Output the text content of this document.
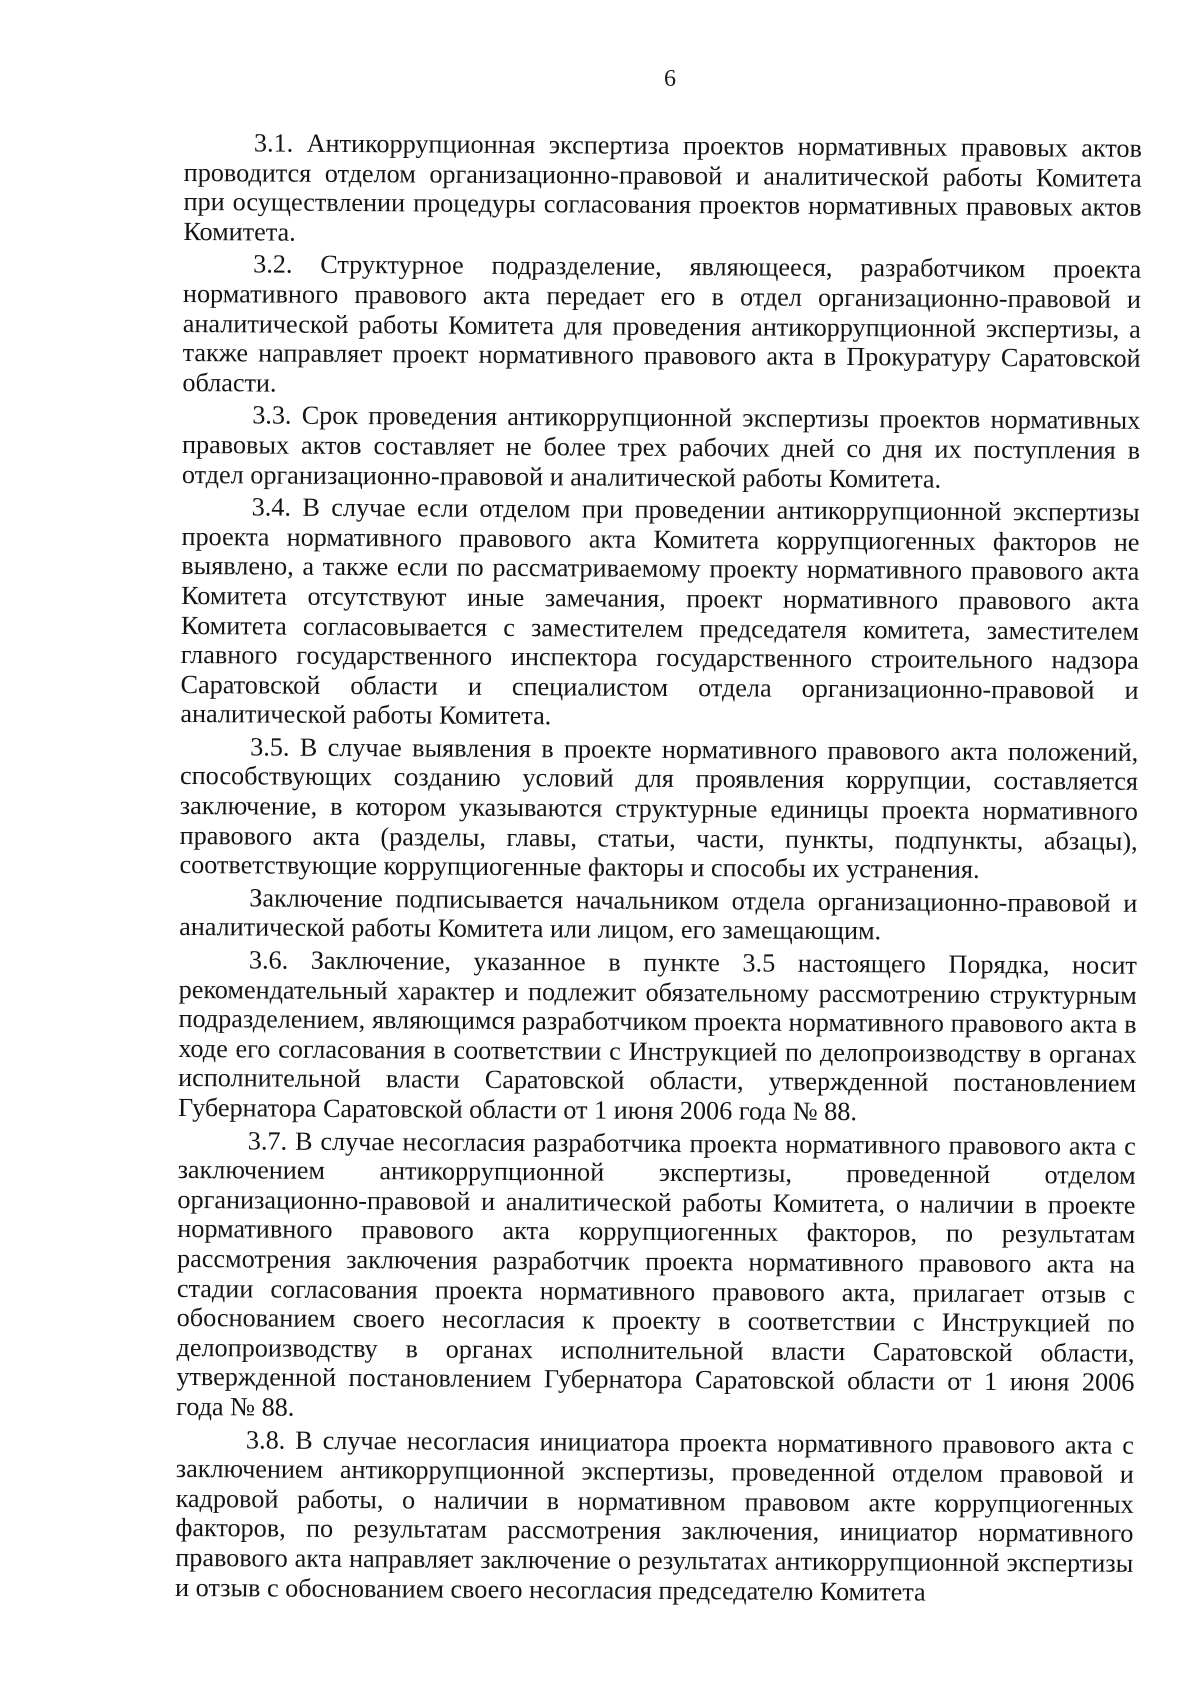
6

3.1. Антикоррупционная экспертиза проектов нормативных правовых актов проводится отделом организационно-правовой и аналитической работы Комитета при осуществлении процедуры согласования проектов нормативных правовых актов Комитета.

3.2. Структурное подразделение, являющееся, разработчиком проекта нормативного правового акта передает его в отдел организационно-правовой и аналитической работы Комитета для проведения антикоррупционной экспертизы, а также направляет проект нормативного правового акта в Прокуратуру Саратовской области.

3.3. Срок проведения антикоррупционной экспертизы проектов нормативных правовых актов составляет не более трех рабочих дней со дня их поступления в отдел организационно-правовой и аналитической работы Комитета.

3.4. В случае если отделом при проведении антикоррупционной экспертизы проекта нормативного правового акта Комитета коррупциогенных факторов не выявлено, а также если по рассматриваемому проекту нормативного правового акта Комитета отсутствуют иные замечания, проект нормативного правового акта Комитета согласовывается с заместителем председателя комитета, заместителем главного государственного инспектора государственного строительного надзора Саратовской области и специалистом отдела организационно-правовой и аналитической работы Комитета.

3.5. В случае выявления в проекте нормативного правового акта положений, способствующих созданию условий для проявления коррупции, составляется заключение, в котором указываются структурные единицы проекта нормативного правового акта (разделы, главы, статьи, части, пункты, подпункты, абзацы), соответствующие коррупциогенные факторы и способы их устранения.

Заключение подписывается начальником отдела организационно-правовой и аналитической работы Комитета или лицом, его замещающим.

3.6. Заключение, указанное в пункте 3.5 настоящего Порядка, носит рекомендательный характер и подлежит обязательному рассмотрению структурным подразделением, являющимся разработчиком проекта нормативного правового акта в ходе его согласования в соответствии с Инструкцией по делопроизводству в органах исполнительной власти Саратовской области, утвержденной постановлением Губернатора Саратовской области от 1 июня 2006 года № 88.

3.7. В случае несогласия разработчика проекта нормативного правового акта с заключением антикоррупционной экспертизы, проведенной отделом организационно-правовой и аналитической работы Комитета, о наличии в проекте нормативного правового акта коррупциогенных факторов, по результатам рассмотрения заключения разработчик проекта нормативного правового акта на стадии согласования проекта нормативного правового акта, прилагает отзыв с обоснованием своего несогласия к проекту в соответствии с Инструкцией по делопроизводству в органах исполнительной власти Саратовской области, утвержденной постановлением Губернатора Саратовской области от 1 июня 2006 года № 88.

3.8. В случае несогласия инициатора проекта нормативного правового акта с заключением антикоррупционной экспертизы, проведенной отделом правовой и кадровой работы, о наличии в нормативном правовом акте коррупциогенных факторов, по результатам рассмотрения заключения, инициатор нормативного правового акта направляет заключение о результатах антикоррупционной экспертизы и отзыв с обоснованием своего несогласия председателю Комитета
